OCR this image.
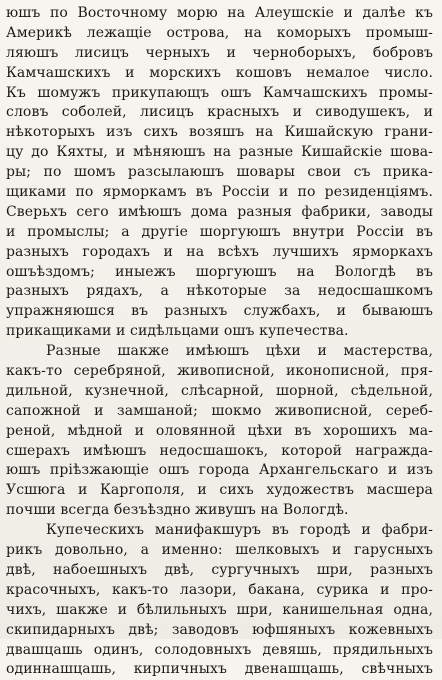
юшъ по Восточному морю на Алеушскіе и далѣе къ
Америкѣ лежащіе острова, на коморыхъ промыш-
ляюшъ лисицъ черныхъ и черноборыхъ, бобровъ
Камчашскихъ и морскихъ кошовъ немалое число.
Къ шомужъ прикупающъ ошъ Камчашскихъ промы-
словъ соболей, лисицъ красныхъ и сиводушекъ, и
нѣкоторыхъ изъ сихъ возяшъ на Кишайскую грани-
цу до Кяхты, и мѣняюшъ на разные Кишайскіе шова-
ры; по шомъ разсылаюшъ шовары свои съ прика-
щиками по ярморкамъ въ Россіи и по резиденціямъ.
Сверьхъ сего имѣюшъ дома разныя фабрики, заводы
и промыслы; а другіе шоргуюшъ внутри Россіи въ
разныхъ городахъ и на всѣхъ лучшихъ ярморкахъ
ошъѣздомъ; иныежъ шоргуюшъ на Вологдѣ въ
разныхъ рядахъ, а нѣкоторые за недосшашкомъ
упражняюшся въ разныхъ службахъ, и бываюшъ
прикащиками и сидѣльцами ошъ купечества.
Разные шакже имѣюшъ цѣхи и мастерства,
какъ-то серебряной, живописной, иконописной, пря-
дильной, кузнечной, слѣсарной, шорной, сѣдельной,
сапожной и замшаной; шокмо живописной, сереб-
реной, мѣдной и оловянной цѣхи въ хорошихъ ма-
сшерахъ имѣюшъ недосшашокъ, которой награжда-
юшъ пріѣзжающіе ошъ города Архангельскаго и изъ
Усшюга и Каргополя, и сихъ художествъ масшера
почши всегда безъѣздно живушъ на Вологдѣ.
Купеческихъ манифакшуръ въ городѣ и фабри-
рикъ довольно, а именно: шелковыхъ и гаруcныхъ
двѣ, набоешныхъ двѣ, сургучныхъ шри, разныхъ
красочныхъ, какъ-то лазори, бакана, сурика и про-
чихъ, шакже и бѣлильныхъ шри, канишельная одна,
скипидарныхъ двѣ; заводовъ юфшяныхъ кожевныхъ
двашцашь одинъ, солодовныхъ девяшь, прядильныхъ
одиннашцашь, кирпичныхъ двенашцашь, свѣчныхъ
